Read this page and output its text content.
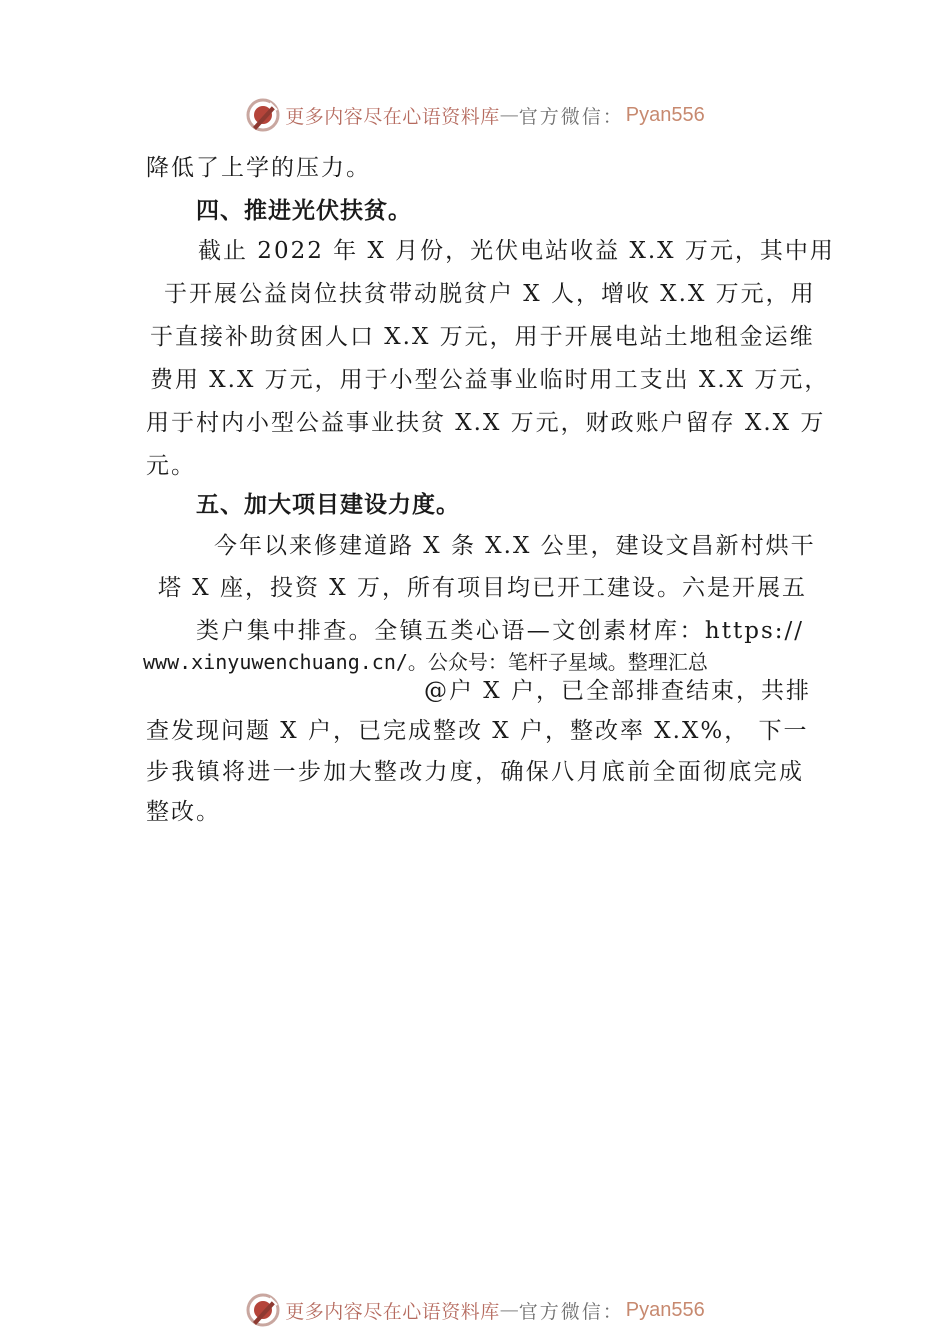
更多内容尽在心语资料库 — 官方微信： Pyan556
降低了上学的压力。
四、推进光伏扶贫。
截止 2022 年 X 月份，光伏电站收益 X.X 万元，其中用
于开展公益岗位扶贫带动脱贫户 X 人，增收 X.X 万元，用
于直接补助贫困人口 X.X 万元，用于开展电站土地租金运维
费用 X.X 万元，用于小型公益事业临时用工支出 X.X 万元，
用于村内小型公益事业扶贫 X.X 万元，财政账户留存 X.X 万
元。
五、加大项目建设力度。
今年以来修建道路 X 条 X.X 公里，建设文昌新村烘干
塔 X 座，投资 X 万，所有项目均已开工建设。六是开展五
类户集中排查。全镇五类心语—文创素材库：https://
www.xinyuwenchuang.cn/。公众号：笔杆子星域。整理汇总
@户 X 户，已全部排查结束，共排
查发现问题 X 户，已完成整改 X 户，整改率 X.X%， 下一
步我镇将进一步加大整改力度，确保八月底前全面彻底完成
整改。
更多内容尽在心语资料库 — 官方微信： Pyan556
